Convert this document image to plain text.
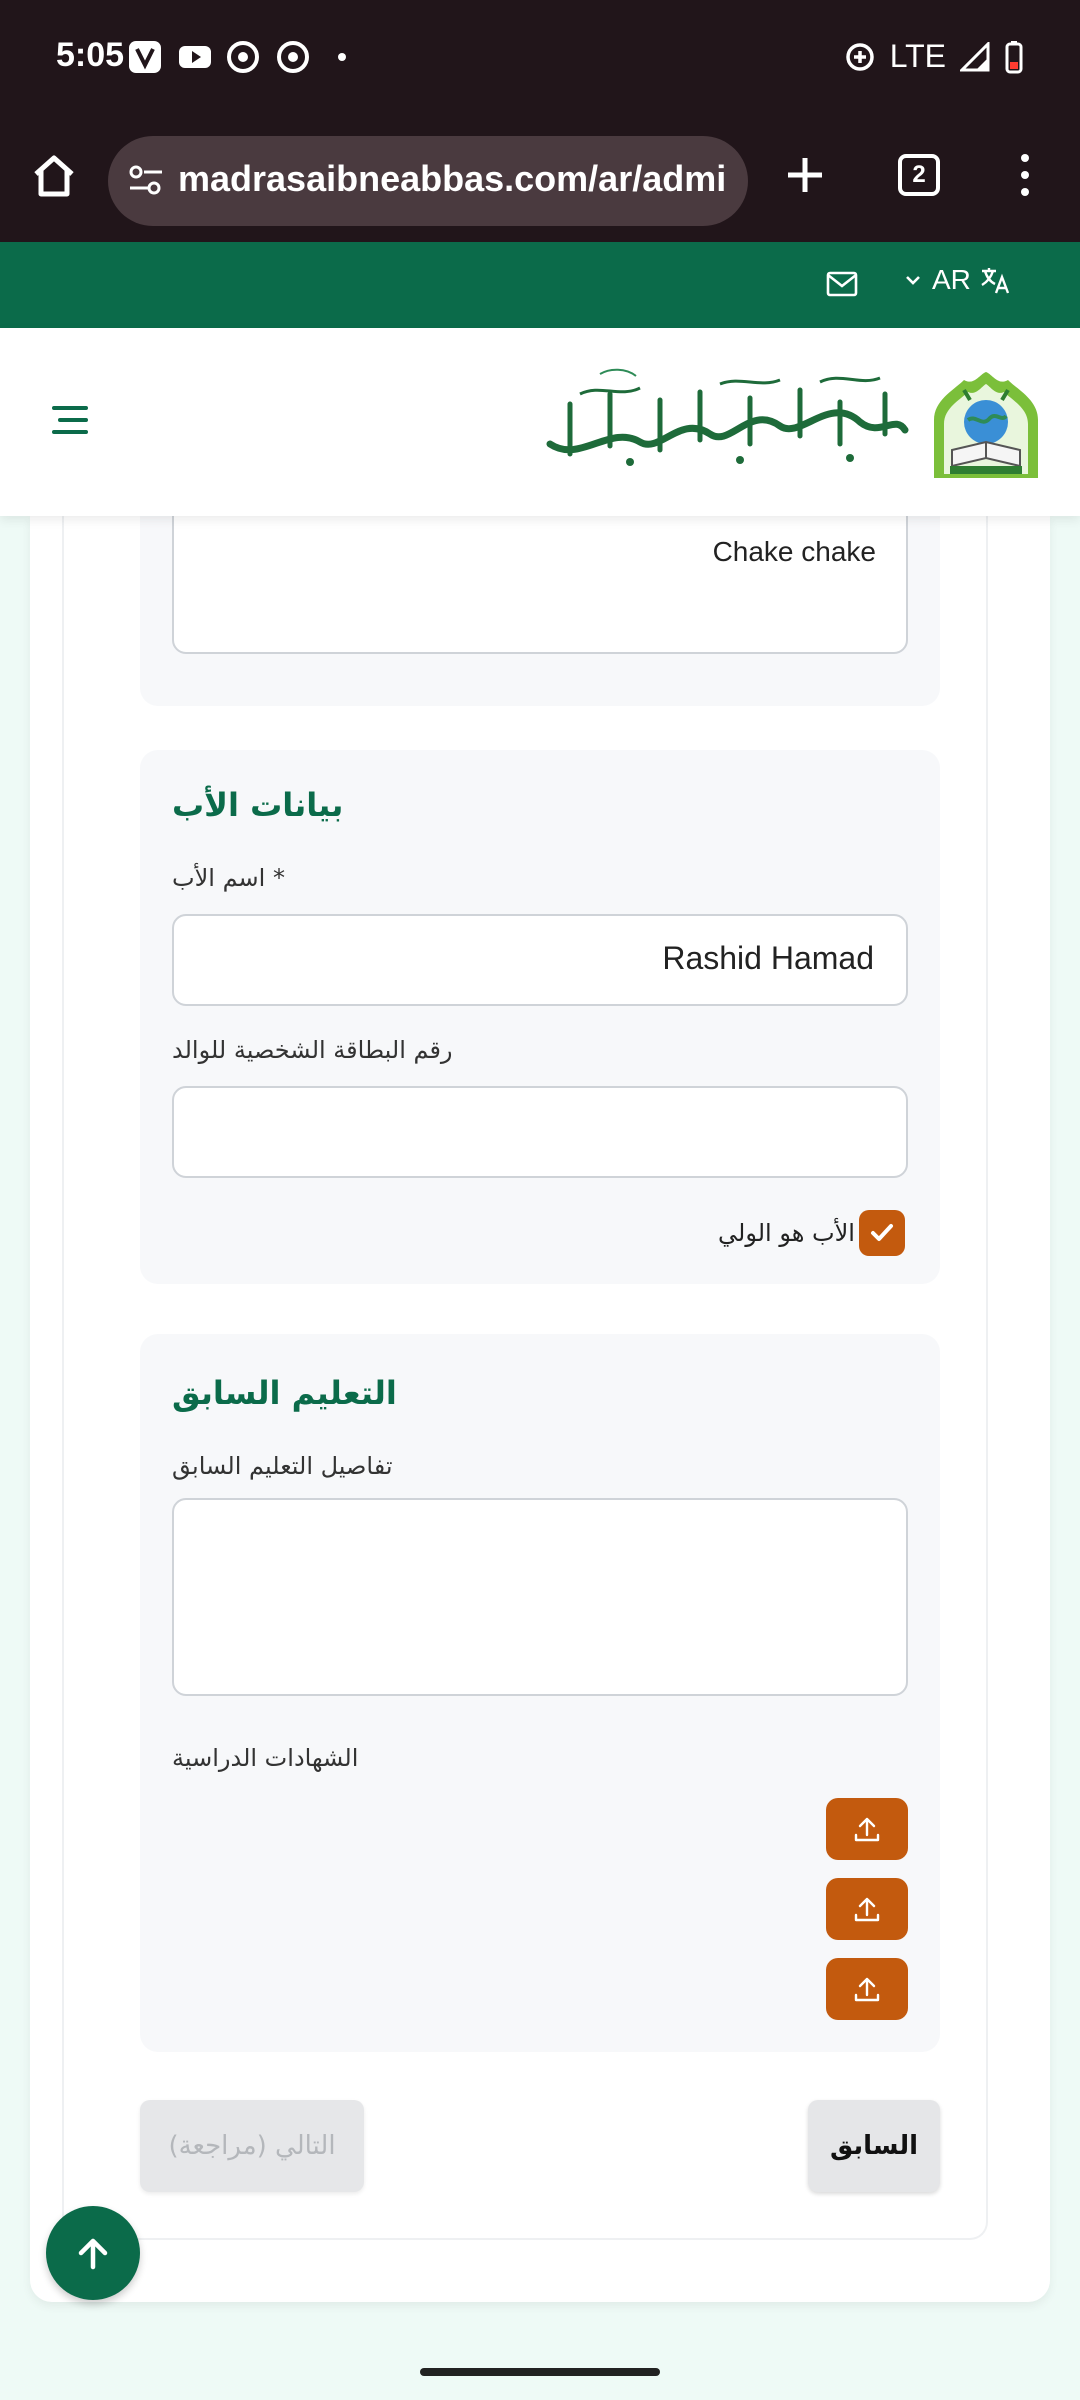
5:05	LTE
madrasaibneabbas.com/ar/admi	2
AR
Chake chake
بيانات الأب
اسم الأب *
Rashid Hamad
رقم البطاقة الشخصية للوالد
الأب هو الولي
التعليم السابق
تفاصيل التعليم السابق
الشهادات الدراسية
السابق
التالي (مراجعة)
